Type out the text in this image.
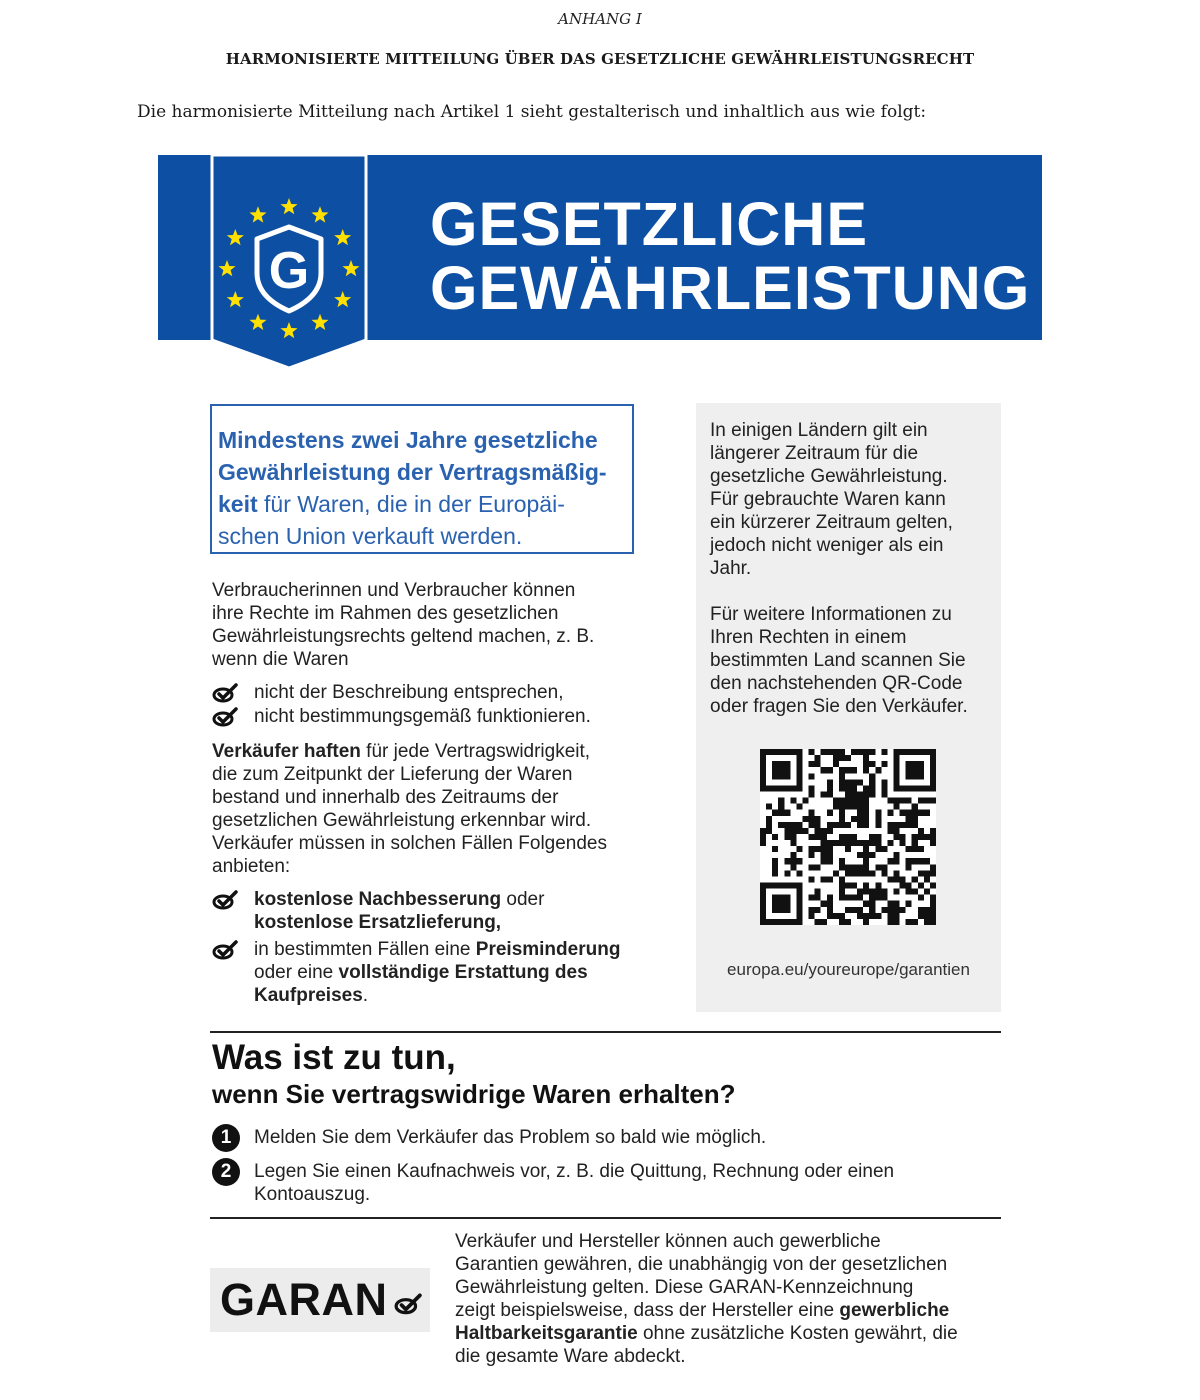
ANHANG I
HARMONISIERTE MITTEILUNG ÜBER DAS GESETZLICHE GEWÄHRLEISTUNGSRECHT
Die harmonisierte Mitteilung nach Artikel 1 sieht gestalterisch und inhaltlich aus wie folgt:
G
GESETZLICHE
GEWÄHRLEISTUNG
Mindestens zwei Jahre gesetzliche
Gewährleistung der Vertragsmäßig-
keit für Waren, die in der Europäi-
schen Union verkauft werden.
Verbraucherinnen und Verbraucher können
ihre Rechte im Rahmen des gesetzlichen
Gewährleistungsrechts geltend machen, z. B.
wenn die Waren
nicht der Beschreibung entsprechen,
nicht bestimmungsgemäß funktionieren.
Verkäufer haften für jede Vertragswidrigkeit,
die zum Zeitpunkt der Lieferung der Waren
bestand und innerhalb des Zeitraums der
gesetzlichen Gewährleistung erkennbar wird.
Verkäufer müssen in solchen Fällen Folgendes
anbieten:
kostenlose Nachbesserung oder
kostenlose Ersatzlieferung,
in bestimmten Fällen eine Preisminderung
oder eine vollständige Erstattung des
Kaufpreises.
In einigen Ländern gilt ein
längerer Zeitraum für die
gesetzliche Gewährleistung.
Für gebrauchte Waren kann
ein kürzerer Zeitraum gelten,
jedoch nicht weniger als ein
Jahr.
Für weitere Informationen zu
Ihren Rechten in einem
bestimmten Land scannen Sie
den nachstehenden QR-Code
oder fragen Sie den Verkäufer.
europa.eu/youreurope/garantien
Was ist zu tun,
wenn Sie vertragswidrige Waren erhalten?
1	Melden Sie dem Verkäufer das Problem so bald wie möglich.
2	Legen Sie einen Kaufnachweis vor, z. B. die Quittung, Rechnung oder einen
Kontoauszug.
GARAN
Verkäufer und Hersteller können auch gewerbliche
Garantien gewähren, die unabhängig von der gesetzlichen
Gewährleistung gelten. Diese GARAN-Kennzeichnung
zeigt beispielsweise, dass der Hersteller eine gewerbliche
Haltbarkeitsgarantie ohne zusätzliche Kosten gewährt, die
die gesamte Ware abdeckt.
